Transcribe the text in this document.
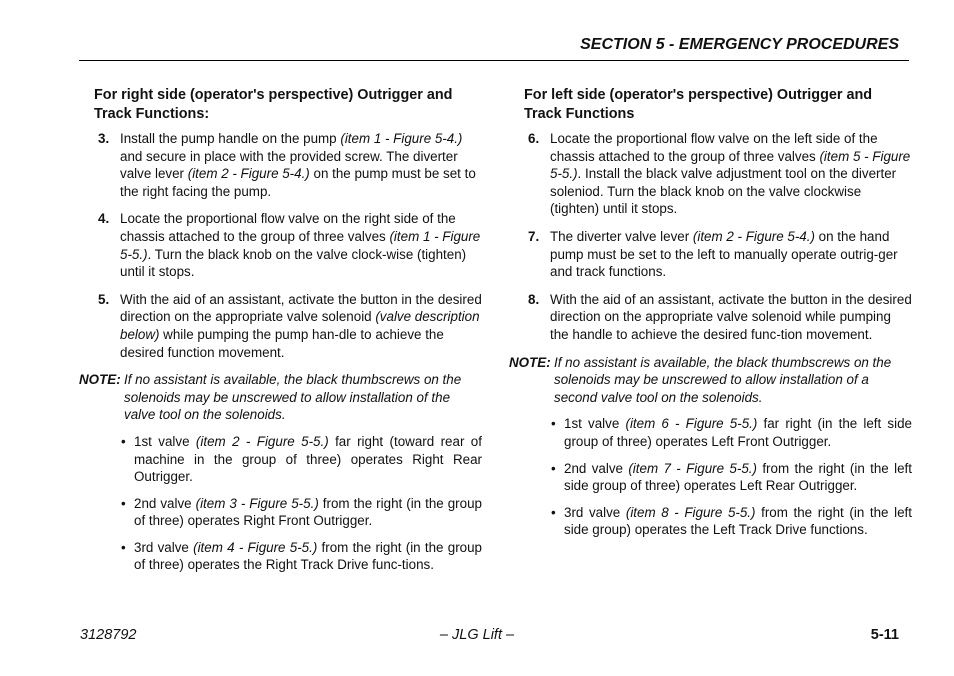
SECTION 5 - EMERGENCY PROCEDURES
For right side (operator's perspective) Outrigger and Track Functions:
3. Install the pump handle on the pump (item 1 - Figure 5-4.) and secure in place with the provided screw. The diverter valve lever (item 2 - Figure 5-4.) on the pump must be set to the right facing the pump.
4. Locate the proportional flow valve on the right side of the chassis attached to the group of three valves (item 1 - Figure 5-5.). Turn the black knob on the valve clock-wise (tighten) until it stops.
5. With the aid of an assistant, activate the button in the desired direction on the appropriate valve solenoid (valve description below) while pumping the pump han-dle to achieve the desired function movement.
NOTE: If no assistant is available, the black thumbscrews on the solenoids may be unscrewed to allow installation of the valve tool on the solenoids.
• 1st valve (item 2 - Figure 5-5.) far right (toward rear of machine in the group of three) operates Right Rear Outrigger.
• 2nd valve (item 3 - Figure 5-5.) from the right (in the group of three) operates Right Front Outrigger.
• 3rd valve (item 4 - Figure 5-5.) from the right (in the group of three) operates the Right Track Drive func-tions.
For left side (operator's perspective) Outrigger and Track Functions
6. Locate the proportional flow valve on the left side of the chassis attached to the group of three valves (item 5 - Figure 5-5.). Install the black valve adjustment tool on the diverter soleniod. Turn the black knob on the valve clockwise (tighten) until it stops.
7. The diverter valve lever (item 2 - Figure 5-4.) on the hand pump must be set to the left to manually operate outrig-ger and track functions.
8. With the aid of an assistant, activate the button in the desired direction on the appropriate valve solenoid while pumping the handle to achieve the desired func-tion movement.
NOTE: If no assistant is available, the black thumbscrews on the solenoids may be unscrewed to allow installation of a second valve tool on the solenoids.
• 1st valve (item 6 - Figure 5-5.) far right (in the left side group of three) operates Left Front Outrigger.
• 2nd valve (item 7 - Figure 5-5.) from the right (in the left side group of three) operates Left Rear Outrigger.
• 3rd valve (item 8 - Figure 5-5.) from the right (in the left side group) operates the Left Track Drive functions.
3128792	– JLG Lift –	5-11
